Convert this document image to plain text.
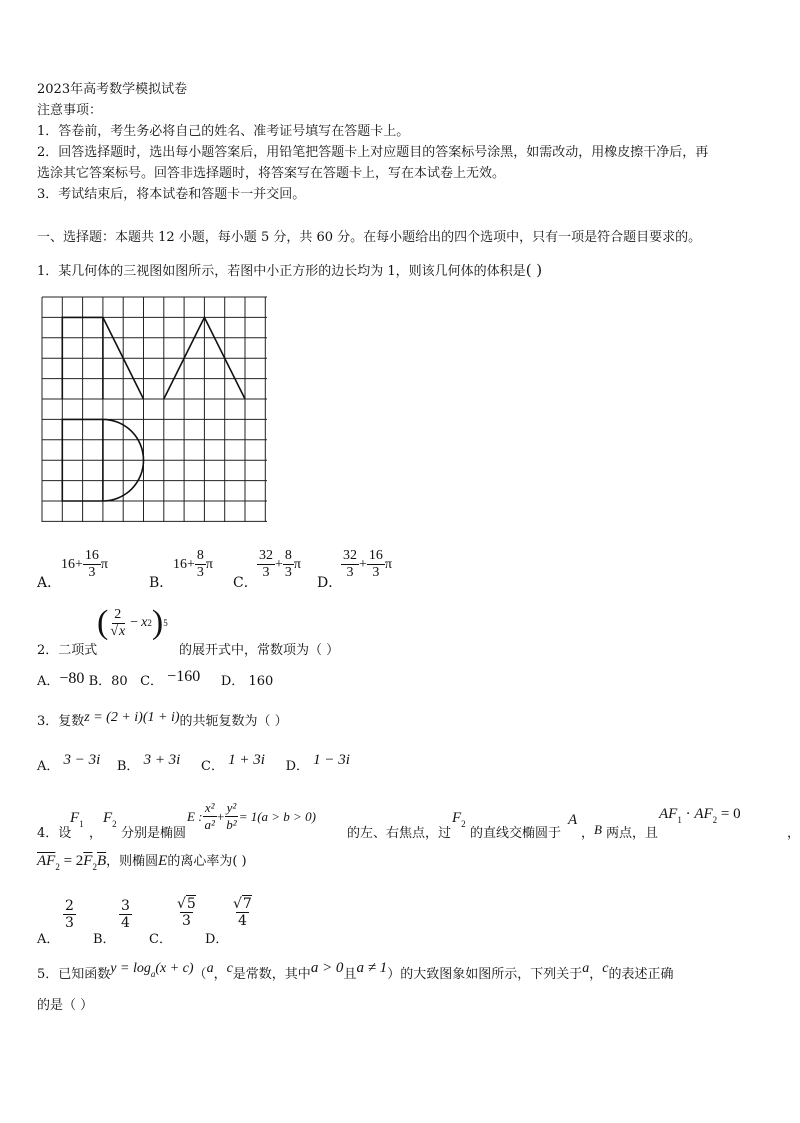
2023年高考数学模拟试卷
注意事项：
1．答卷前，考生务必将自己的姓名、准考证号填写在答题卡上。
2．回答选择题时，选出每小题答案后，用铅笔把答题卡上对应题目的答案标号涂黑，如需改动，用橡皮擦干净后，再
选涂其它答案标号。回答非选择题时，将答案写在答题卡上，写在本试卷上无效。
3．考试结束后，将本试卷和答题卡一并交回。
一、选择题：本题共 12 小题，每小题 5 分，共 60 分。在每小题给出的四个选项中，只有一项是符合题目要求的。
1．某几何体的三视图如图所示，若图中小正方形的边长均为 1，则该几何体的体积是( )
A．
$16 + \frac{16}{3}$ π
B．
$16 + \frac{8}{3}$ π
C．
$\frac{32}{3} + \frac{8}{3}$ π
D．
$\frac{32}{3} + \frac{16}{3}$ π
2．二项式
( $\frac{2}{√x} - x$ 2 ) 5
的展开式中，常数项为（ ）
A．−80 B．80 C． −160 D． 160
3．复数z = (2 + i)(1 + i)的共轭复数为（ ）
A． 3 − 3i B． 3 + 3i C． 1 + 3i D． 1 − 3i
4．设
$F_1$
，
$F_2$
分别是椭圆
E : $\frac{\text{x²}}{\text{a²}} + \frac{\text{y²}}{\text{b²}} = 1(a > b > 0)$
的左、右焦点，过
$F_2$
的直线交椭圆于
A
， B 两点，且
$AF_1 \cdot AF_2 = 0$
，
$\overline{AF}_2 = 2\overline{F}_2\overline{B}$，则椭圆E的离心率为( )
A．
$\frac{2}{3}$
B．
$\frac{3}{4}$
C．
$\frac{√5}{3}$
D．
$\frac{√7}{4}$
5．已知函数$y = \log_a(x + c)(a$，c是常数，其中a > 0且a ≠ 1）的大致图象如图所示，下列关于a，c的表述正确
的是（ ）
